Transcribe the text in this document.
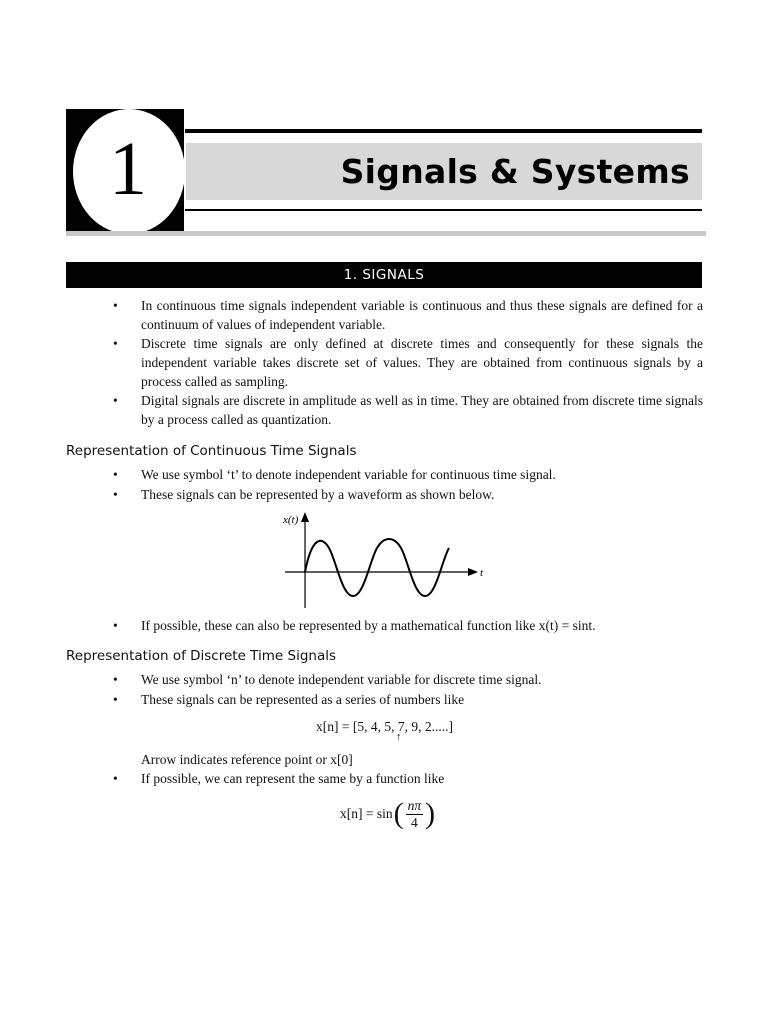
1	Signals & Systems
1. SIGNALS
• In continuous time signals independent variable is continuous and thus these signals are defined for a continuum of values of independent variable.
• Discrete time signals are only defined at discrete times and consequently for these signals the independent variable takes discrete set of values. They are obtained from continuous signals by a process called as sampling.
• Digital signals are discrete in amplitude as well as in time. They are obtained from discrete time signals by a process called as quantization.
Representation of Continuous Time Signals
• We use symbol ‘t’ to denote independent variable for continuous time signal.
• These signals can be represented by a waveform as shown below.
x(t)
t
• If possible, these can also be represented by a mathematical function like x(t) = sint.
Representation of Discrete Time Signals
• We use symbol ‘n’ to denote independent variable for discrete time signal.
• These signals can be represented as a series of numbers like
x[n] = [5, 4, 5, 7, 9, 2.....]
↑
Arrow indicates reference point or x[0]
• If possible, we can represent the same by a function like
x[n] = sin ( $\frac{n\pi}{4}$ )
